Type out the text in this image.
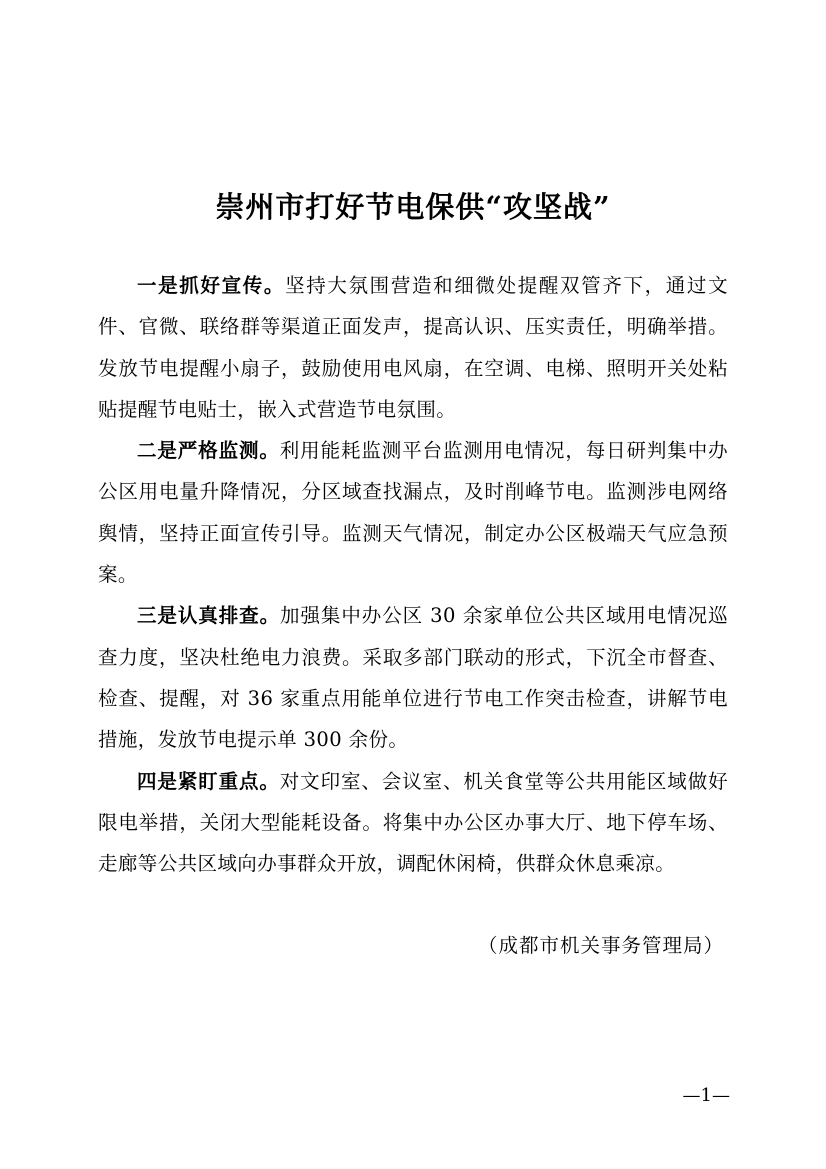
崇州市打好节电保供“攻坚战”

一是抓好宣传。坚持大氛围营造和细微处提醒双管齐下，通过文件、官微、联络群等渠道正面发声，提高认识、压实责任，明确举措。发放节电提醒小扇子，鼓励使用电风扇，在空调、电梯、照明开关处粘贴提醒节电贴士，嵌入式营造节电氛围。

二是严格监测。利用能耗监测平台监测用电情况，每日研判集中办公区用电量升降情况，分区域查找漏点，及时削峰节电。监测涉电网络舆情，坚持正面宣传引导。监测天气情况，制定办公区极端天气应急预案。

三是认真排查。加强集中办公区 30 余家单位公共区域用电情况巡查力度，坚决杜绝电力浪费。采取多部门联动的形式，下沉全市督查、检查、提醒，对 36 家重点用能单位进行节电工作突击检查，讲解节电措施，发放节电提示单 300 余份。

四是紧盯重点。对文印室、会议室、机关食堂等公共用能区域做好限电举措，关闭大型能耗设备。将集中办公区办事大厅、地下停车场、走廊等公共区域向办事群众开放，调配休闲椅，供群众休息乘凉。

（成都市机关事务管理局）

—1—
